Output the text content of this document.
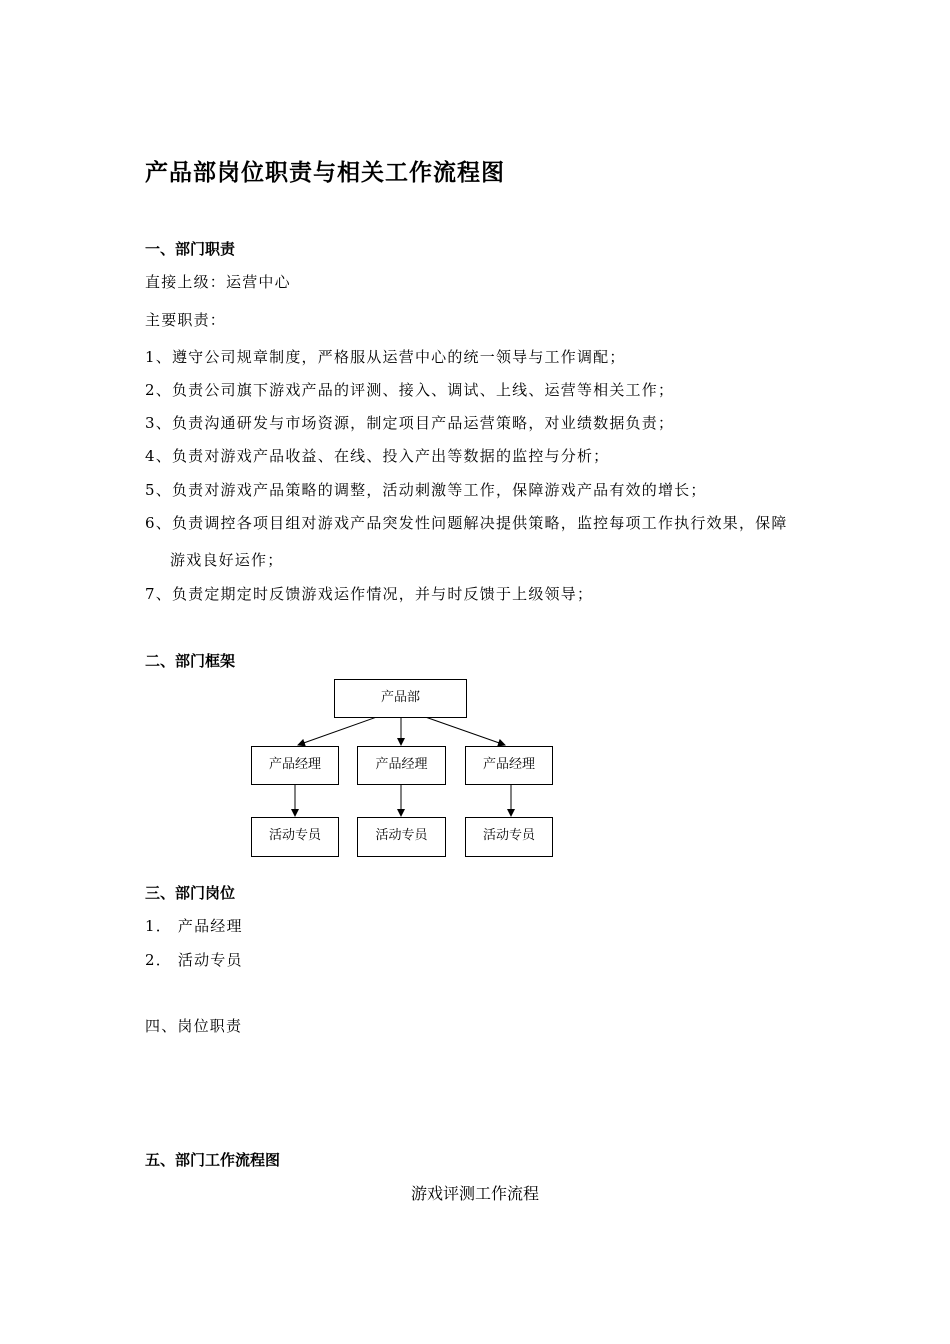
产品部岗位职责与相关工作流程图
一、部门职责
直接上级：运营中心
主要职责：
1、遵守公司规章制度，严格服从运营中心的统一领导与工作调配；
2、负责公司旗下游戏产品的评测、接入、调试、上线、运营等相关工作；
3、负责沟通研发与市场资源，制定项目产品运营策略，对业绩数据负责；
4、负责对游戏产品收益、在线、投入产出等数据的监控与分析；
5、负责对游戏产品策略的调整，活动刺激等工作，保障游戏产品有效的增长；
6、负责调控各项目组对游戏产品突发性问题解决提供策略，监控每项工作执行效果，保障
游戏良好运作；
7、负责定期定时反馈游戏运作情况，并与时反馈于上级领导；
二、部门框架
产品部
产品经理	产品经理	产品经理
活动专员	活动专员	活动专员
三、部门岗位
1． 产品经理
2． 活动专员
四、岗位职责
五、部门工作流程图
游戏评测工作流程
